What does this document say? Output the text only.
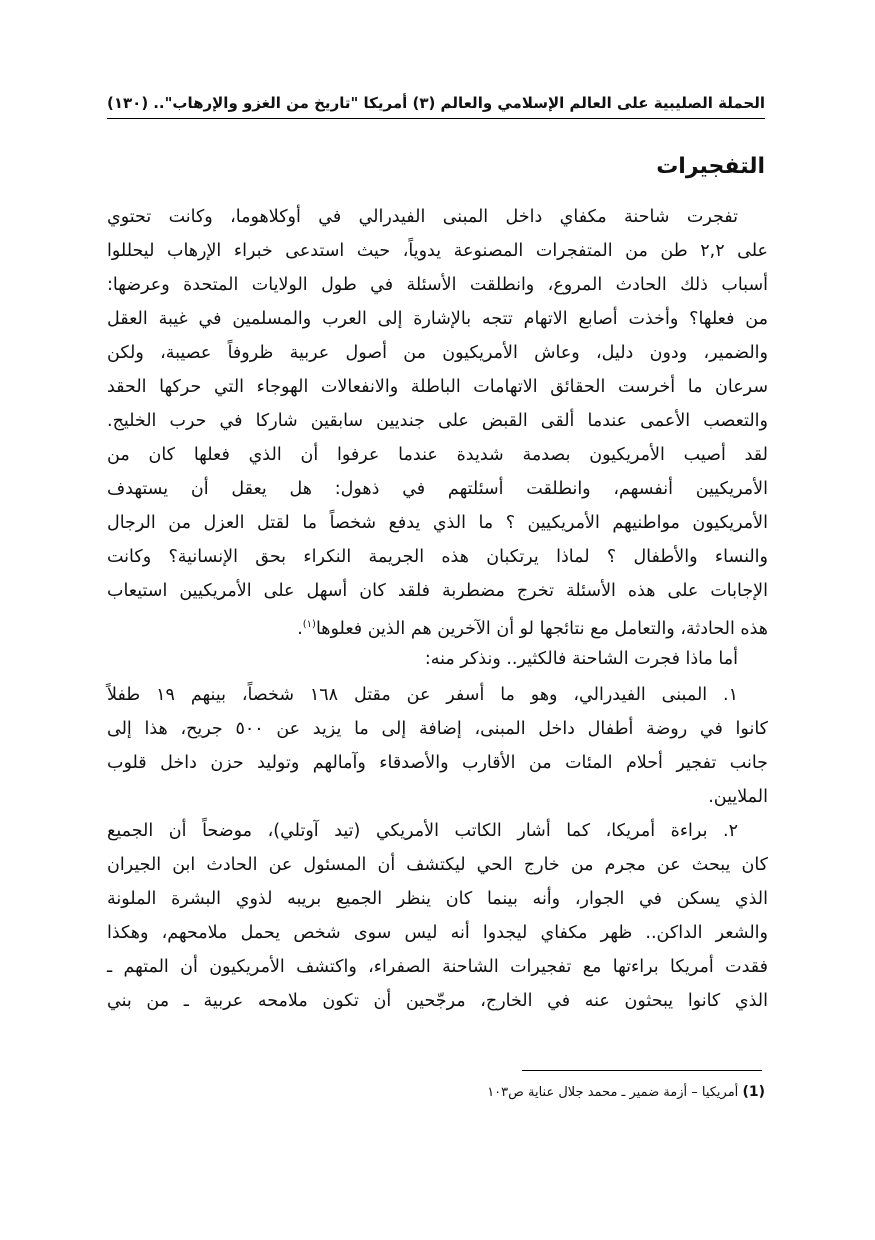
الحملة الصليبية على العالم الإسلامي والعالم (٣) أمريكا "تاريخ من الغزو والإرهاب"..
(١٣٠)
التفجيرات
تفجرت شاحنة مكفاي داخل المبنى الفيدرالي في أوكلاهوما، وكانت تحتوي
على ٢,٢ طن من المتفجرات المصنوعة يدوياً، حيث استدعى خبراء الإرهاب ليحللوا
أسباب ذلك الحادث المروع، وانطلقت الأسئلة في طول الولايات المتحدة وعرضها:
من فعلها؟ وأخذت أصابع الاتهام تتجه بالإشارة إلى العرب والمسلمين في غيبة العقل
والضمير، ودون دليل، وعاش الأمريكيون من أصول عربية ظروفاً عصيبة، ولكن
سرعان ما أخرست الحقائق الاتهامات الباطلة والانفعالات الهوجاء التي حركها الحقد
والتعصب الأعمى عندما ألقى القبض على جنديين سابقين شاركا في حرب الخليج.
لقد أصيب الأمريكيون بصدمة شديدة عندما عرفوا أن الذي فعلها كان من
الأمريكيين أنفسهم، وانطلقت أسئلتهم في ذهول: هل يعقل أن يستهدف
الأمريكيون مواطنيهم الأمريكيين ؟ ما الذي يدفع شخصاً ما لقتل العزل من الرجال
والنساء والأطفال ؟ لماذا يرتكبان هذه الجريمة النكراء بحق الإنسانية؟ وكانت
الإجابات على هذه الأسئلة تخرج مضطربة فلقد كان أسهل على الأمريكيين استيعاب
هذه الحادثة، والتعامل مع نتائجها لو أن الآخرين هم الذين فعلوها$^{(١)}$.
أما ماذا فجرت الشاحنة فالكثير.. ونذكر منه:
١. المبنى الفيدرالي، وهو ما أسفر عن مقتل ١٦٨ شخصاً، بينهم ١٩ طفلاً
كانوا في روضة أطفال داخل المبنى، إضافة إلى ما يزيد عن ٥٠٠ جريح، هذا إلى
جانب تفجير أحلام المئات من الأقارب والأصدقاء وآمالهم وتوليد حزن داخل قلوب
الملايين.
٢. براءة أمريكا، كما أشار الكاتب الأمريكي (تيد آوتلي)، موضحاً أن الجميع
كان يبحث عن مجرم من خارج الحي ليكتشف أن المسئول عن الحادث ابن الجيران
الذي يسكن في الجوار، وأنه بينما كان ينظر الجميع بريبه لذوي البشرة الملونة
والشعر الداكن.. ظهر مكفاي ليجدوا أنه ليس سوى شخص يحمل ملامحهم، وهكذا
فقدت أمريكا براءتها مع تفجيرات الشاحنة الصفراء، واكتشف الأمريكيون أن المتهم ـ
الذي كانوا يبحثون عنه في الخارج، مرجّحين أن تكون ملامحه عربية ـ من بني
(1) أمريكيا – أزمة ضمير ـ محمد جلال عناية ص١٠٣
